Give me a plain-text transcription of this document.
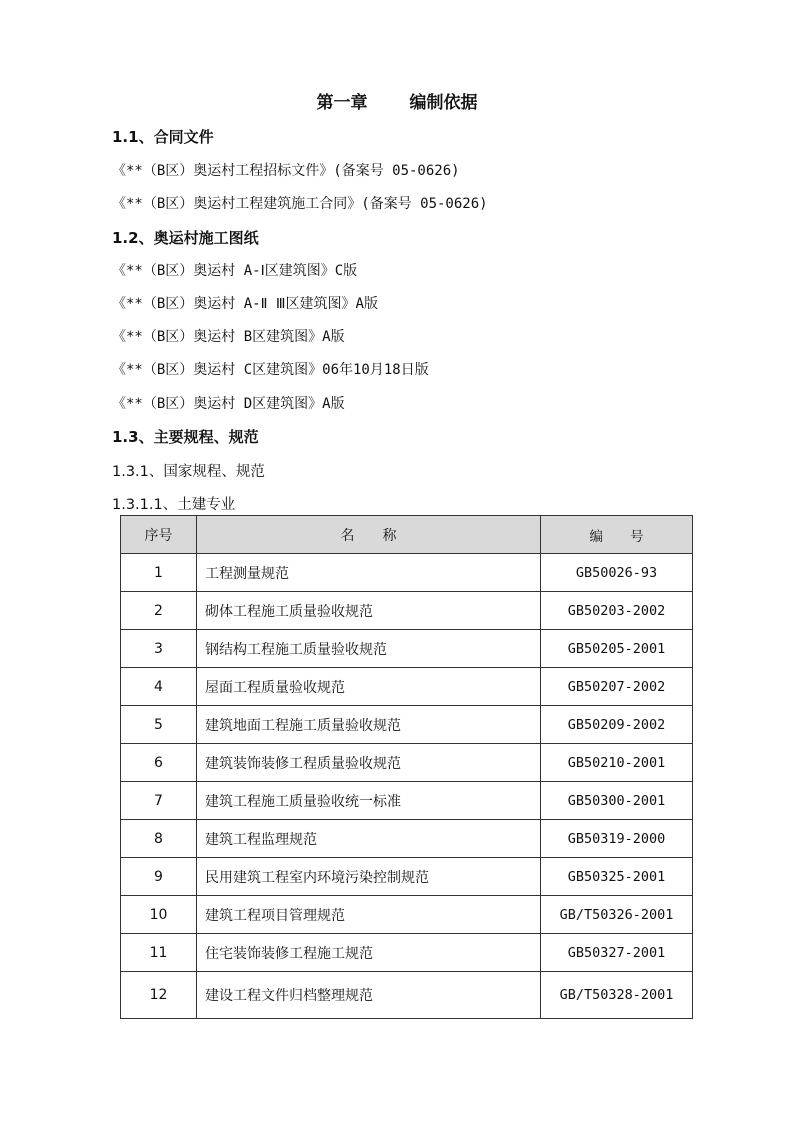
第一章 编制依据
1.1、合同文件
《**（B区）奥运村工程招标文件》(备案号 05-0626)
《**（B区）奥运村工程建筑施工合同》(备案号 05-0626)
1.2、奥运村施工图纸
《**（B区）奥运村 A-Ⅰ区建筑图》C版
《**（B区）奥运村 A-Ⅱ Ⅲ区建筑图》A版
《**（B区）奥运村 B区建筑图》A版
《**（B区）奥运村 C区建筑图》06年10月18日版
《**（B区）奥运村 D区建筑图》A版
1.3、主要规程、规范
1.3.1、国家规程、规范
1.3.1.1、土建专业
序号	名　　称	编　　号
1	工程测量规范	GB50026-93
2	砌体工程施工质量验收规范	GB50203-2002
3	钢结构工程施工质量验收规范	GB50205-2001
4	屋面工程质量验收规范	GB50207-2002
5	建筑地面工程施工质量验收规范	GB50209-2002
6	建筑装饰装修工程质量验收规范	GB50210-2001
7	建筑工程施工质量验收统一标准	GB50300-2001
8	建筑工程监理规范	GB50319-2000
9	民用建筑工程室内环境污染控制规范	GB50325-2001
10	建筑工程项目管理规范	GB/T50326-2001
11	住宅装饰装修工程施工规范	GB50327-2001
12	建设工程文件归档整理规范	GB/T50328-2001
